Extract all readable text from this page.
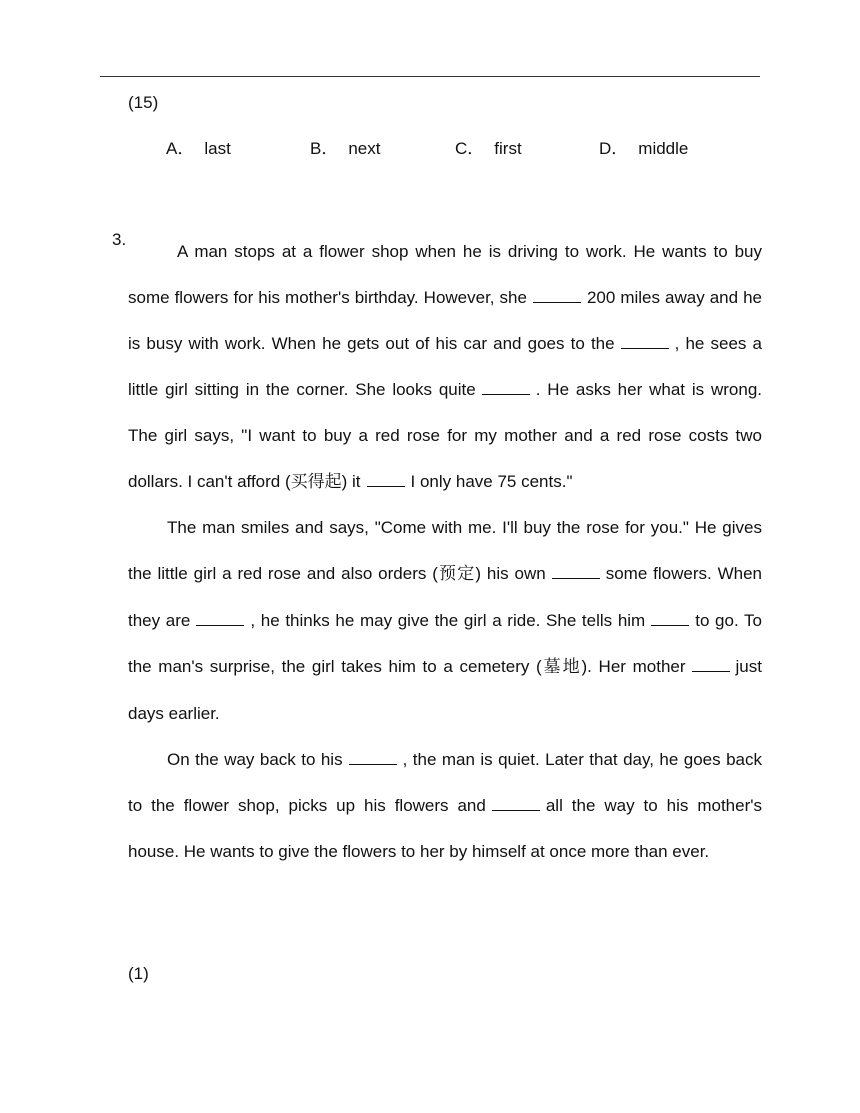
(15)
A． last	B． next	C． first	D． middle
3.

A man stops at a flower shop when he is driving to work. He wants to buy some flowers for his mother's birthday. However, she	200 miles away and he is busy with work. When he gets out of his car and goes to the	, he sees a little girl sitting in the corner. She looks quite	. He asks her what is wrong. The girl says, "I want to buy a red rose for my mother and a red rose costs two dollars. I can't afford (买得起) it	I only have 75 cents."

The man smiles and says, "Come with me. I'll buy the rose for you." He gives the little girl a red rose and also orders (预定) his own	some flowers. When they are	, he thinks he may give the girl a ride. She tells him	to go. To the man's surprise, the girl takes him to a cemetery (墓地). Her mother	just days earlier.

On the way back to his	, the man is quiet. Later that day, he goes back to the flower shop, picks up his flowers and	all the way to his mother's house. He wants to give the flowers to her by himself at once more than ever.

(1)
